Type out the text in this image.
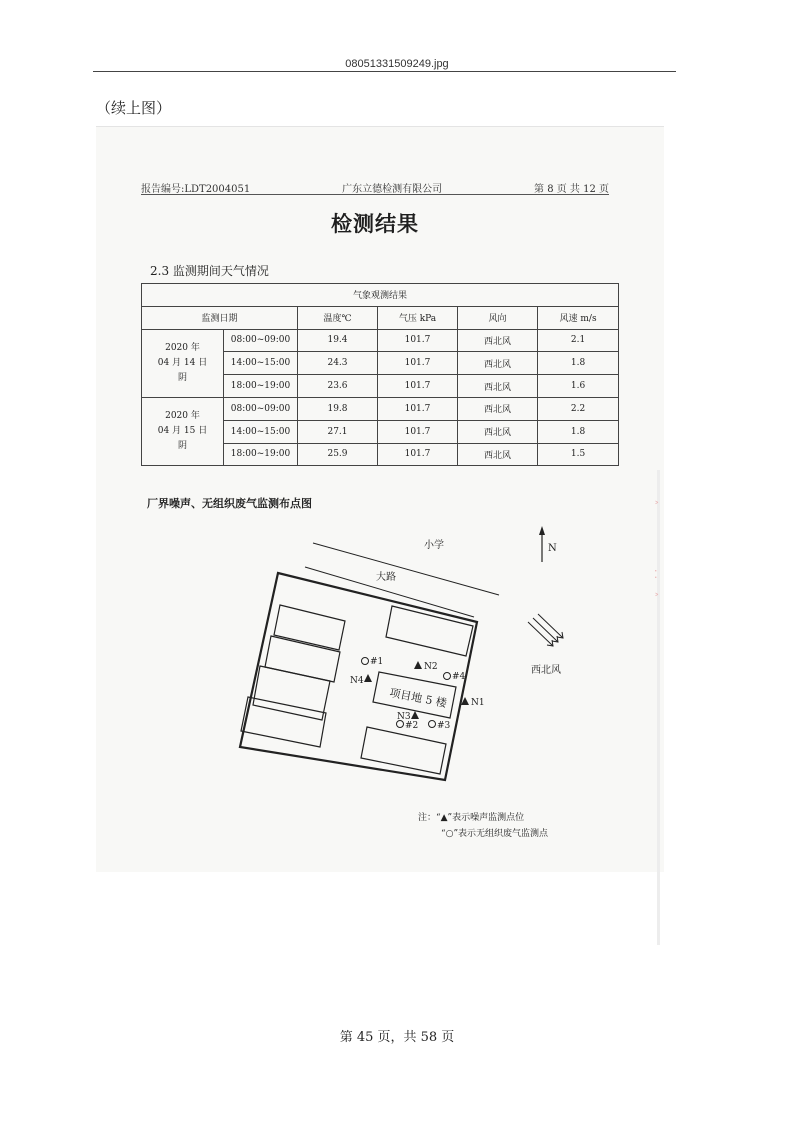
08051331509249.jpg
（续上图）
˃
⁚
˃
报告编号:LDT2004051	广东立德检测有限公司	第 8 页 共 12 页
检测结果
2.3 监测期间天气情况
气象观测结果					
监测日期		温度℃	气压 kPa	风向	风速 m/s

2020 年
04 月 14 日
阴	08:00~09:00	19.4	101.7	西北风	2.1
	14:00~15:00	24.3	101.7	西北风	1.8
	18:00~19:00	23.6	101.7	西北风	1.6

2020 年
04 月 15 日
阴	08:00~09:00	19.8	101.7	西北风	2.2
	14:00~15:00	27.1	101.7	西北风	1.8
	18:00~19:00	25.9	101.7	西北风	1.5
厂界噪声、无组织废气监测布点图
小学
大路
项目地 5 楼
N2
N4
N1
N3
#1
#4
#2 #3
N
西北风
注：“▲”表示噪声监测点位
“○”表示无组织废气监测点
第 45 页，共 58 页
